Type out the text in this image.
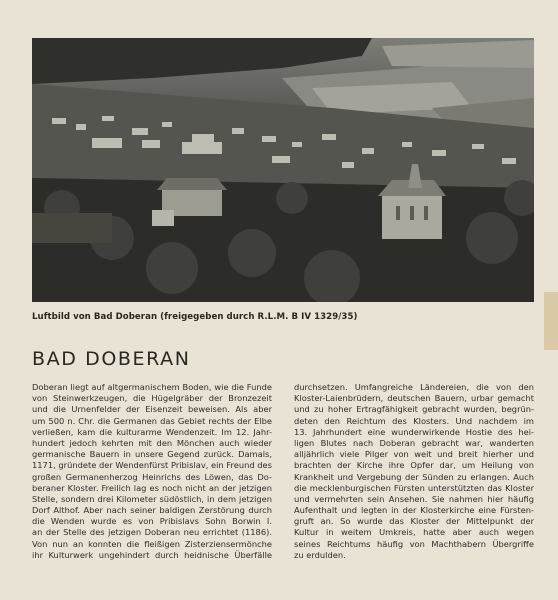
Luftbild von Bad Doberan (freigegeben durch R.L.M. B IV 1329/35)
BAD DOBERAN
Doberan liegt auf altgermanischem Boden, wie die Funde
von Steinwerkzeugen, die Hügelgräber der Bronzezeit
und die Urnenfelder der Eisenzeit beweisen. Als aber
um 500 n. Chr. die Germanen das Gebiet rechts der Elbe
verließen, kam die kulturarme Wendenzeit. Im 12. Jahr-
hundert jedoch kehrten mit den Mönchen auch wieder
germanische Bauern in unsere Gegend zurück. Damals,
1171, gründete der Wendenfürst Pribislav, ein Freund des
großen Germanenherzog Heinrichs des Löwen, das Do-
beraner Kloster. Freilich lag es noch nicht an der jetzigen
Stelle, sondern drei Kilometer südöstlich, in dem jetzigen
Dorf Althof. Aber nach seiner baldigen Zerstörung durch
die Wenden wurde es von Pribislavs Sohn Borwin I.
an der Stelle des jetzigen Doberan neu errichtet (1186).
Von nun an konnten die fleißigen Zisterziensermönche
ihr Kulturwerk ungehindert durch heidnische Überfälle
durchsetzen. Umfangreiche Ländereien, die von den
Kloster-Laienbrüdern, deutschen Bauern, urbar gemacht
und zu hoher Ertragfähigkeit gebracht wurden, begrün-
deten den Reichtum des Klosters. Und nachdem im
13. Jahrhundert eine wunderwirkende Hostie des hei-
ligen Blutes nach Doberan gebracht war, wanderten
alljährlich viele Pilger von weit und breit hierher und
brachten der Kirche ihre Opfer dar, um Heilung von
Krankheit und Vergebung der Sünden zu erlangen. Auch
die mecklenburgischen Fürsten unterstützten das Kloster
und vermehrten sein Ansehen. Sie nahmen hier häufig
Aufenthalt und legten in der Klosterkirche eine Fürsten-
gruft an. So wurde das Kloster der Mittelpunkt der
Kultur in weitem Umkreis, hatte aber auch wegen
seines Reichtums häufig von Machthabern Übergriffe
zu erdulden.
